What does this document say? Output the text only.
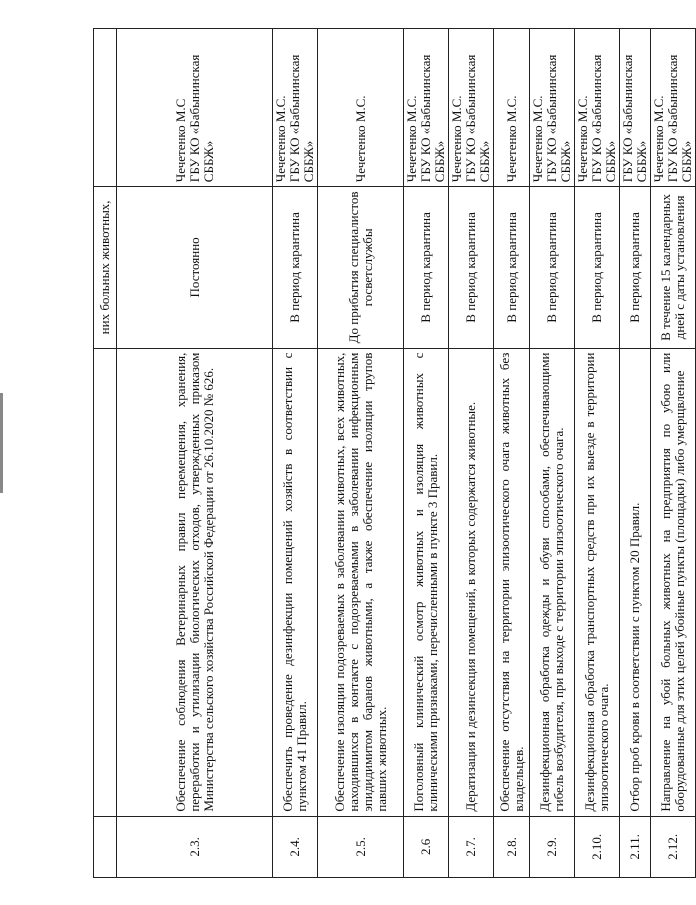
		них больных животных,	
2.3.	Обеспечение соблюдения Ветеринарных правил перемещения, хранения, переработки и утилизации биологических отходов, утвержденных приказом Министерства сельского хозяйства Российской Федерации от 26.10.2020 № 626.	Постоянно	Чечетенко М.С ГБУ КО «Бабынинская СББЖ»

2.4.	Обеспечить проведение дезинфекции помещений хозяйств в соответствии с пунктом 41 Правил.	В период карантина	Чечетенко М.С. ГБУ КО «Бабынинская СББЖ»

2.5.	Обеспечение изоляции подозреваемых в заболевании животных, всех животных, находившихся в контакте с подозреваемыми в заболевании инфекционным эпидидимитом баранов животными, а также обеспечение изоляции трупов павших животных.	До прибытия специалистов госветслужбы	Чечетенко М.С.

2.6	Поголовный клинический осмотр животных и изоляция животных с клиническими признаками, перечисленными в пункте 3 Правил.	В период карантина	Чечетенко М.С. ГБУ КО «Бабынинская СББЖ»

2.7.	Дератизация и дезинсекция помещений, в которых содержатся животные.	В период карантина	Чечетенко М.С. ГБУ КО «Бабынинская СББЖ»

2.8.	Обеспечение отсутствия на территории эпизоотического очага животных без владельцев.	В период карантина	Чечетенко М.С.

2.9.	Дезинфекционная обработка одежды и обуви способами, обеспечивающими гибель возбудителя, при выходе с территории эпизоотического очага.	В период карантина	Чечетенко М.С. ГБУ КО «Бабынинская СББЖ»

2.10.	Дезинфекционная обработка транспортных средств при их выезде в территории эпизоотического очага.	В период карантина	Чечетенко М.С. ГБУ КО «Бабынинская СББЖ»

2.11.	Отбор проб крови в соответствии с пунктом 20 Правил.	В период карантина	ГБУ КО «Бабынинская СББЖ»

2.12.	Направление на убой больных животных на предприятия по убою или оборудованные для этих целей убойные пункты (площадки) либо умерщвление	В течение 15 календарных дней с даты установления	Чечетенко М.С. ГБУ КО «Бабынинская СББЖ»
